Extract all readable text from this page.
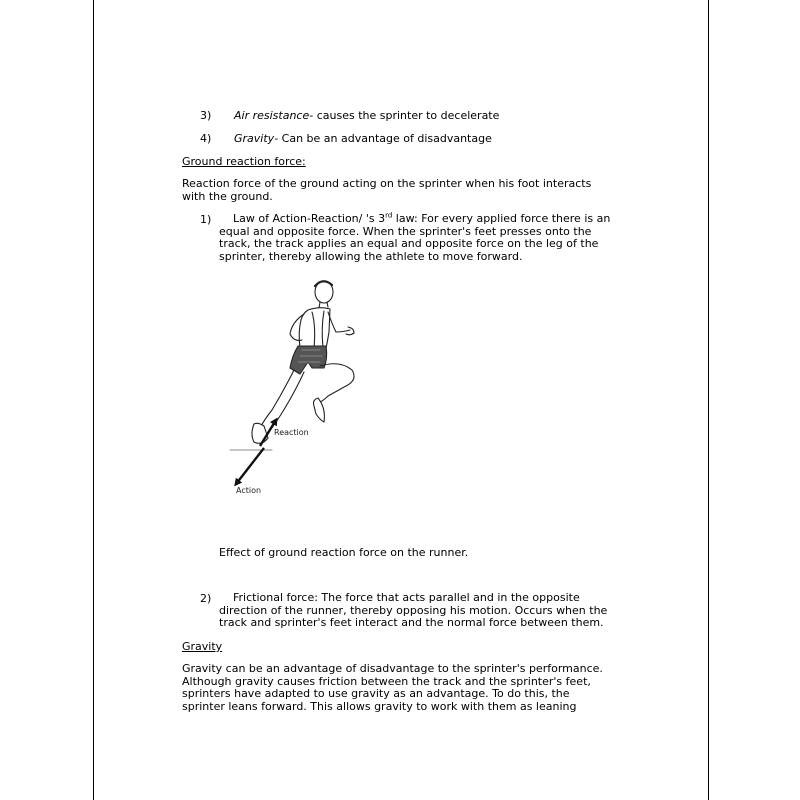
3)	Air resistance- causes the sprinter to decelerate
4)	Gravity- Can be an advantage of disadvantage
Ground reaction force:
Reaction force of the ground acting on the sprinter when his foot interacts
with the ground.
1)	Law of Action-Reaction/ 's 3rd law: For every applied force there is an
equal and opposite force. When the sprinter's feet presses onto the
track, the track applies an equal and opposite force on the leg of the
sprinter, thereby allowing the athlete to move forward.
Reaction
Action
Effect of ground reaction force on the runner.
2)	Frictional force: The force that acts parallel and in the opposite
direction of the runner, thereby opposing his motion. Occurs when the
track and sprinter's feet interact and the normal force between them.
Gravity
Gravity can be an advantage of disadvantage to the sprinter's performance.
Although gravity causes friction between the track and the sprinter's feet,
sprinters have adapted to use gravity as an advantage. To do this, the
sprinter leans forward. This allows gravity to work with them as leaning
